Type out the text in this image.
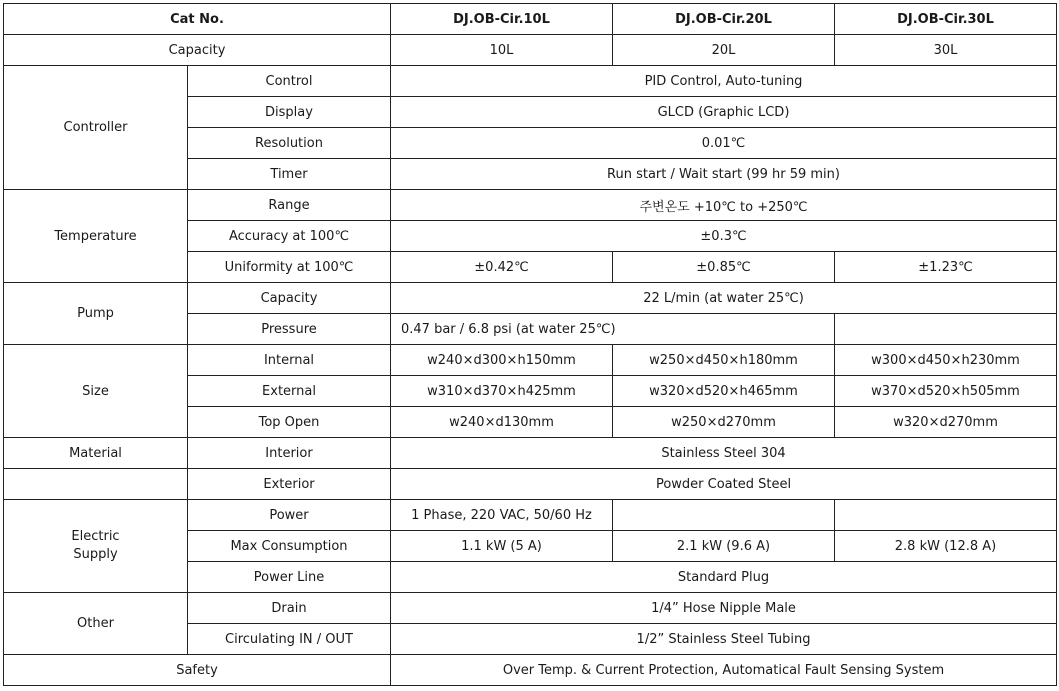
Cat No.		DJ.OB-Cir.10L	DJ.OB-Cir.20L	DJ.OB-Cir.30L
Capacity		10L	20L	30L
Controller	Control	PID Control, Auto-tuning		
	Display	GLCD (Graphic LCD)		
	Resolution	0.01℃		
	Timer	Run start / Wait start (99 hr 59 min)		
Temperature	Range	주변온도 +10℃ to +250℃		
	Accuracy at 100℃	±0.3℃		
	Uniformity at 100℃	±0.42℃	±0.85℃	±1.23℃
Pump	Capacity	22 L/min (at water 25℃)		
	Pressure	0.47 bar / 6.8 psi (at water 25℃)		
Size	Internal	w240×d300×h150mm	w250×d450×h180mm	w300×d450×h230mm
	External	w310×d370×h425mm	w320×d520×h465mm	w370×d520×h505mm
	Top Open	w240×d130mm	w250×d270mm	w320×d270mm
Material	Interior	Stainless Steel 304		
	Exterior	Powder Coated Steel		
Electric
Supply	Power	1 Phase, 220 VAC, 50/60 Hz		
	Max Consumption	1.1 kW (5 A)	2.1 kW (9.6 A)	2.8 kW (12.8 A)
	Power Line	Standard Plug		
Other	Drain	1/4” Hose Nipple Male		
	Circulating IN / OUT	1/2” Stainless Steel Tubing		
Safety		Over Temp. & Current Protection, Automatical Fault Sensing System		
